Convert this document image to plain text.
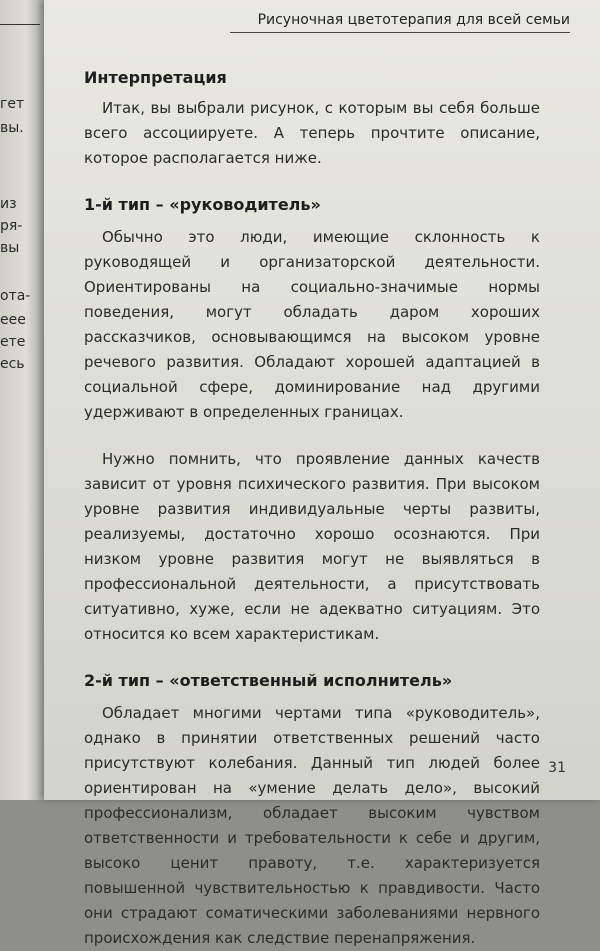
гет
вы.
из
ря-
вы
ота-
еее
ете
есь
Рисуночная цветотерапия для всей семьи
Интерпретация

Итак, вы выбрали рисунок, с которым вы себя больше всего ассоциируете. А теперь прочтите описание, которое располагается ниже.

1-й тип – «руководитель»

Обычно это люди, имеющие склонность к руководящей и организаторской деятельности. Ориентированы на социально-значимые нормы поведения, могут обладать даром хороших рассказчиков, основывающимся на высоком уровне речевого развития. Обладают хорошей адаптацией в социальной сфере, доминирование над другими удерживают в определенных границах.

Нужно помнить, что проявление данных качеств зависит от уровня психического развития. При высоком уровне развития индивидуальные черты развиты, реализуемы, достаточно хорошо осознаются. При низком уровне развития могут не выявляться в профессиональной деятельности, а присутствовать ситуативно, хуже, если не адекватно ситуациям. Это относится ко всем характеристикам.

2-й тип – «ответственный исполнитель»

Обладает многими чертами типа «руководитель», однако в принятии ответственных решений часто присутствуют колебания. Данный тип людей более ориентирован на «умение делать дело», высокий профессионализм, обладает высоким чувством ответственности и требовательности к себе и другим, высоко ценит правоту, т.е. характеризуется повышенной чувствительностью к правдивости. Часто они страдают соматическими заболеваниями нервного происхождения как следствие перенапряжения.

31
